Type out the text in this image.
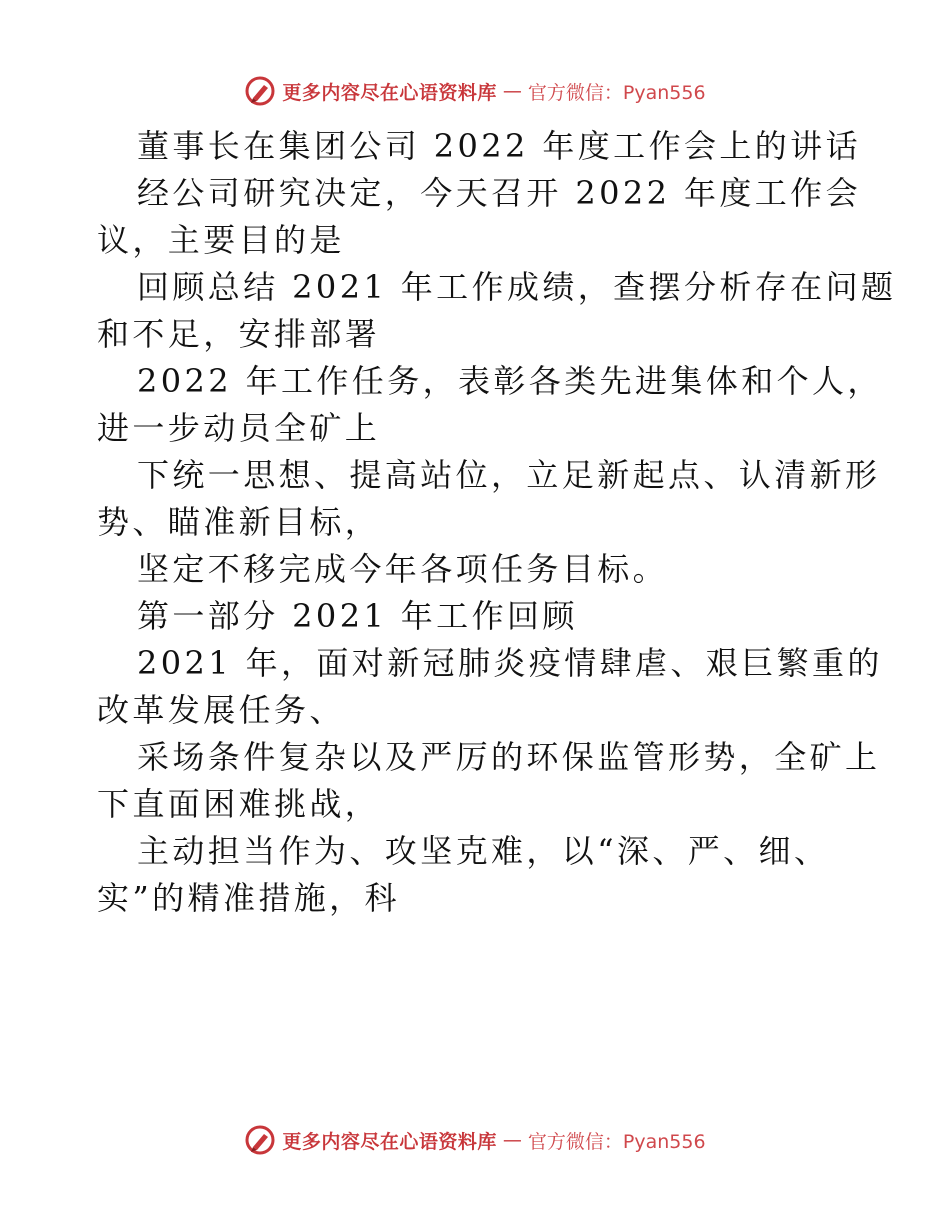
更多内容尽在心语资料库 — 官方微信：Pyan556
董事长在集团公司 2022 年度工作会上的讲话
经公司研究决定，今天召开 2022 年度工作会
议，主要目的是
回顾总结 2021 年工作成绩，查摆分析存在问题
和不足，安排部署
2022 年工作任务，表彰各类先进集体和个人，
进一步动员全矿上
下统一思想、提高站位，立足新起点、认清新形
势、瞄准新目标，
坚定不移完成今年各项任务目标。
第一部分 2021 年工作回顾
2021 年，面对新冠肺炎疫情肆虐、艰巨繁重的
改革发展任务、
采场条件复杂以及严厉的环保监管形势，全矿上
下直面困难挑战，
主动担当作为、攻坚克难，以“深、严、细、
实”的精准措施，科
更多内容尽在心语资料库 — 官方微信：Pyan556
